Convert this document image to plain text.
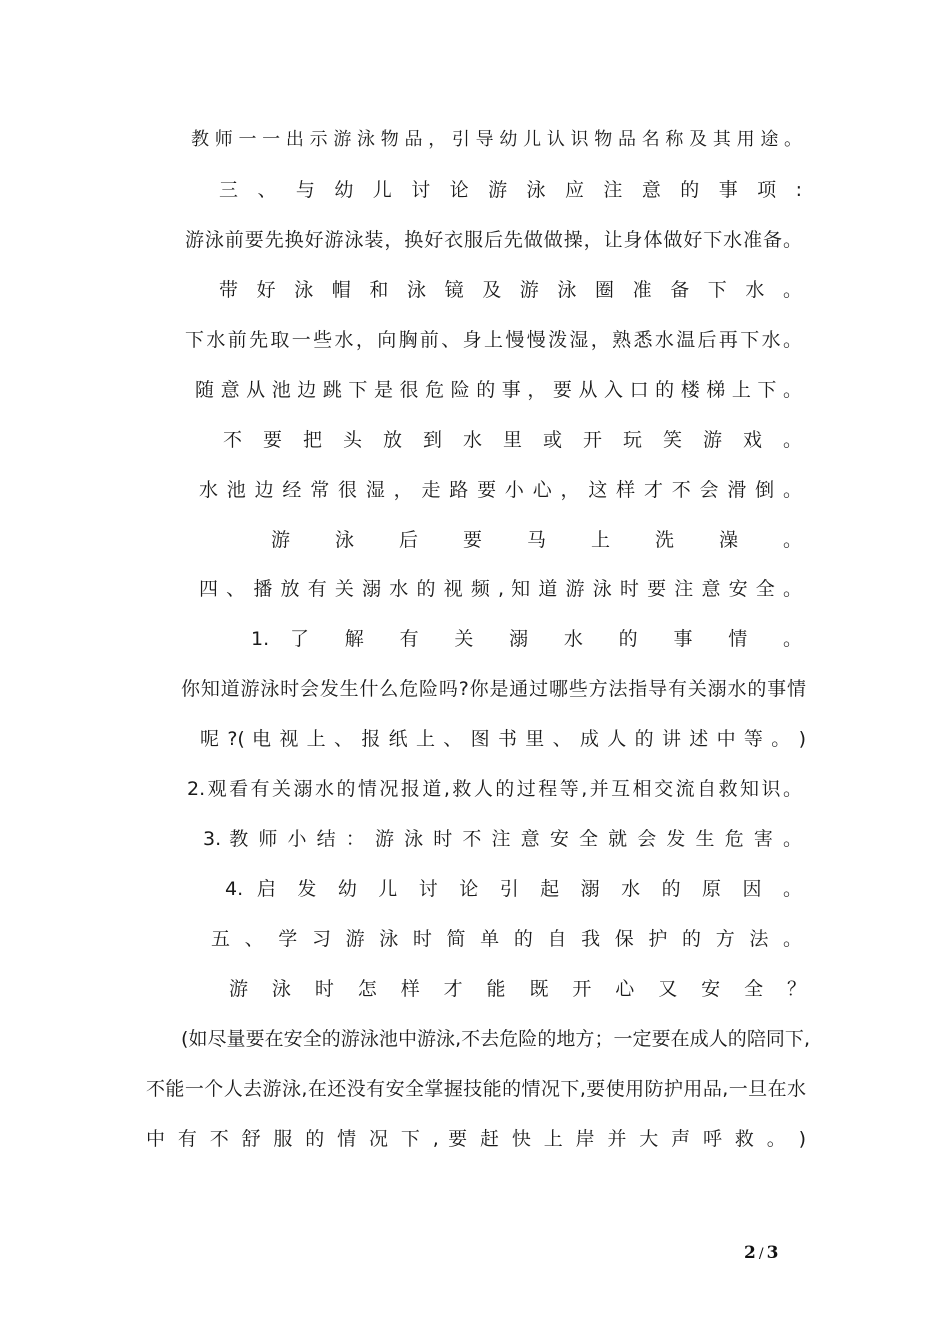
教 师 一 一 出 示 游 泳 物 品 ， 引 导 幼 儿 认 识 物 品 名 称 及 其 用 途 。
三 、 与 幼 儿 讨 论 游 泳 应 注 意 的 事 项 :
游泳前要先换好游泳装，换好衣服后先做做操，让身体做好下水准备。
带 好 泳 帽 和 泳 镜 及 游 泳 圈 准 备 下 水 。
下水前先取一些水，向胸前、身上慢慢泼湿，熟悉水温后再下水。
随 意 从 池 边 跳 下 是 很 危 险 的 事 ， 要 从 入 口 的 楼 梯 上 下 。
不 要 把 头 放 到 水 里 或 开 玩 笑 游 戏 。
水 池 边 经 常 很 湿 ， 走 路 要 小 心 ， 这 样 才 不 会 滑 倒 。
游 泳 后 要 马 上 洗 澡 。
四 、 播 放 有 关 溺 水 的 视 频 , 知 道 游 泳 时 要 注 意 安 全 。
1. 了 解 有 关 溺 水 的 事 情 。
你知道游泳时会发生什么危险吗?你是通过哪些方法指导有关溺水的事情
呢 ?( 电 视 上 、 报 纸 上 、 图 书 里 、 成 人 的 讲 述 中 等 。 )
2.观看有关溺水的情况报道,救人的过程等,并互相交流自救知识。
3. 教 师 小 结 ： 游 泳 时 不 注 意 安 全 就 会 发 生 危 害 。
4. 启 发 幼 儿 讨 论 引 起 溺 水 的 原 因 。
五 、 学 习 游 泳 时 简 单 的 自 我 保 护 的 方 法 。
游 泳 时 怎 样 才 能 既 开 心 又 安 全 ？
(如尽量要在安全的游泳池中游泳,不去危险的地方；一定要在成人的陪同下,
不能一个人去游泳,在还没有安全掌握技能的情况下,要使用防护用品,一旦在水
中 有 不 舒 服 的 情 况 下 , 要 赶 快 上 岸 并 大 声 呼 救 。 )
2 / 3
